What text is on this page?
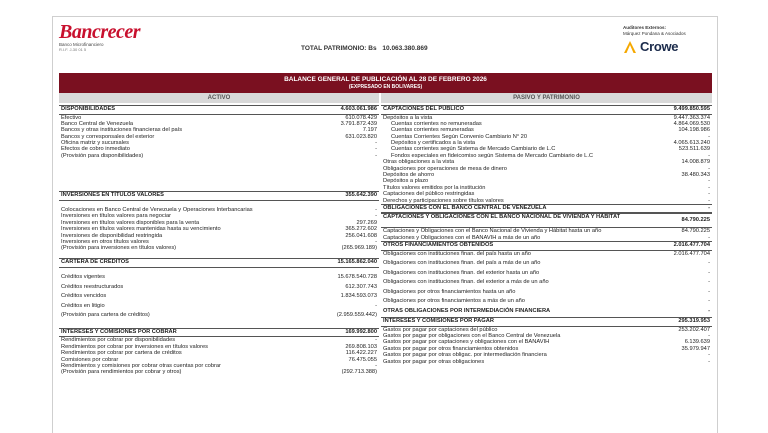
Bancrecer
Banco Microfinanciero
R.I.F. J-30 01 5	TOTAL PATRIMONIO: Bs 10.063.380.869
Auditores Externos:
Márquez Pondana & Asociados
Crowe
BALANCE GENERAL DE PUBLICACIÓN AL 28 DE FEBRERO 2026
(EXPRESADO EN BOLIVARES)
ACTIVO	PASIVO Y PATRIMONIO
DISPONIBILIDADES	4.603.061.986
Efectivo	610.078.429
Banco Central de Venezuela	3.791.872.439
Bancos y otras instituciones financieras del país	7.197
Bancos y corresponsales del exterior	631.023.820
Oficina matriz y sucursales	-
Efectos de cobro inmediato	-
(Provisión para disponibilidades)	-
INVERSIONES EN TÍTULOS VALORES	355.642.390
Colocaciones en Banco Central de Venezuela y Operaciones Interbancarias	-
Inversiones en títulos valores para negociar	-
Inversiones en títulos valores disponibles para la venta	297.269
Inversiones en títulos valores mantenidas hasta su vencimiento	365.272.602
Inversiones de disponibilidad restringida	256.041.608
Inversiones en otros títulos valores	-
(Provisión para inversiones en títulos valores)	(265.969.189)
CARTERA DE CRÉDITOS	15.165.862.040
Créditos vigentes	15.678.540.728
Créditos reestructurados	612.307.743
Créditos vencidos	1.834.593.073
Créditos en litigio	-
(Provisión para cartera de créditos)	(2.959.559.442)
INTERESES Y COMISIONES POR COBRAR	169.992.800
Rendimientos por cobrar por disponibilidades	-
Rendimientos por cobrar por inversiones en títulos valores	269.808.103
Rendimientos por cobrar por cartera de créditos	116.422.227
Comisiones por cobrar	76.475.055
Rendimientos y comisiones por cobrar otras cuentas por cobrar	-
(Provisión para rendimientos por cobrar y otros)	(292.713.388)
CAPTACIONES DEL PÚBLICO	9.499.850.595
Depósitos a la vista	9.447.363.374
Cuentas corrientes no remuneradas	4.864.069.530
Cuentas corrientes remuneradas	104.198.986
Cuentas Corrientes Según Convenio Cambiario N° 20	-
Depósitos y certificados a la vista	4.065.613.240
Cuentas corrientes según Sistema de Mercado Cambiario de L.C	523.511.639
Fondos especiales en fideicomiso según Sistema de Mercado Cambiario de L.C	-
Otras obligaciones a la vista	14.008.879
Obligaciones por operaciones de mesa de dinero	-
Depósitos de ahorro	38.480.343
Depósitos a plazo	-
Títulos valores emitidos por la institución	-
Captaciones del público restringidas	-
Derechos y participaciones sobre títulos valores	-
OBLIGACIONES CON EL BANCO CENTRAL DE VENEZUELA	-
CAPTACIONES Y OBLIGACIONES CON EL BANCO NACIONAL DE VIVIENDA Y HÁBITAT	84.790.225
Captaciones y Obligaciones con el Banco Nacional de Vivienda y Hábitat hasta un año	84.790.225
Captaciones y Obligaciones con el BANAVIH a más de un año	-
OTROS FINANCIAMIENTOS OBTENIDOS	2.016.477.704
Obligaciones con instituciones finan. del país hasta un año	2.016.477.704
Obligaciones con instituciones finan. del país a más de un año	-
Obligaciones con instituciones finan. del exterior hasta un año	-
Obligaciones con instituciones finan. del exterior a más de un año	-
Obligaciones por otros financiamientos hasta un año	-
Obligaciones por otros financiamientos a más de un año	-
OTRAS OBLIGACIONES POR INTERMEDIACIÓN FINANCIERA	-
INTERESES Y COMISIONES POR PAGAR	295.319.953
Gastos por pagar por captaciones del público	253.202.407
Gastos por pagar por obligaciones con el Banco Central de Venezuela	-
Gastos por pagar por captaciones y obligaciones con el BANAVIH	6.139.639
Gastos por pagar por otros financiamientos obtenidos	35.979.947
Gastos por pagar por otras obligac. por intermediación financiera	-
Gastos por pagar por otras obligaciones	-
